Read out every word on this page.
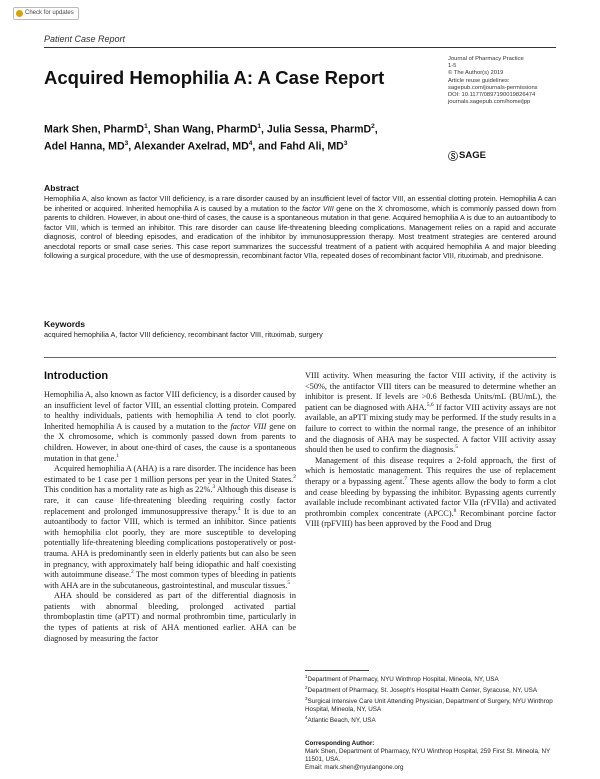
Check for updates
Patient Case Report
Acquired Hemophilia A: A Case Report
Journal of Pharmacy Practice
1-5
© The Author(s) 2019
Article reuse guidelines:
sagepub.com/journals-permissions
DOI: 10.1177/0897190019826474
journals.sagepub.com/home/jpp
Ⓢ SAGE
Mark Shen, PharmD$^1$, Shan Wang, PharmD$^1$, Julia Sessa, PharmD$^2$,
Adel Hanna, $MD^3$, Alexander Axelrad, $MD^4$, and Fahd Ali, $MD^3$
Abstract

Hemophilia A, also known as factor VIII deficiency, is a rare disorder caused by an insufficient level of factor VIII, an essential clotting protein. Hemophilia A can be inherited or acquired. Inherited hemophilia A is caused by a mutation to the factor VIII gene on the X chromosome, which is commonly passed down from parents to children. However, in about one-third of cases, the cause is a spontaneous mutation in that gene. Acquired hemophilia A is due to an autoantibody to factor VIII, which is termed an inhibitor. This rare disorder can cause life-threatening bleeding complications. Management relies on a rapid and accurate diagnosis, control of bleeding episodes, and eradication of the inhibitor by immunosuppression therapy. Most treatment strategies are centered around anecdotal reports or small case series. This case report summarizes the successful treatment of a patient with acquired hemophilia A and major bleeding following a surgical procedure, with the use of desmopressin, recombinant factor VIIa, repeated doses of recombinant factor VIII, rituximab, and prednisone.

Keywords

acquired hemophilia A, factor VIII deficiency, recombinant factor VIII, rituximab, surgery

Introduction

Hemophilia A, also known as factor VIII deficiency, is a disorder caused by an insufficient level of factor VIII, an essential clotting protein. Compared to healthy individuals, patients with hemophilia A tend to clot poorly. Inherited hemophilia A is caused by a mutation to the factor VIII gene on the X chromosome, which is commonly passed down from parents to children. However, in about one-third of cases, the cause is a spontaneous mutation in that gene.$^1$

Acquired hemophilia A (AHA) is a rare disorder. The incidence has been estimated to be 1 case per 1 million persons per year in the United States.$^2$ This condition has a mortality rate as high as 22%.$^3$ Although this disease is rare, it can cause life-threatening bleeding requiring costly factor replacement and prolonged immunosuppressive therapy.$^4$ It is due to an autoantibody to factor VIII, which is termed an inhibitor. Since patients with hemophilia clot poorly, they are more susceptible to developing potentially life-threatening bleeding complications postoperatively or post-trauma. AHA is predominantly seen in elderly patients but can also be seen in pregnancy, with approximately half being idiopathic and half coexisting with autoimmune disease.$^2$ The most common types of bleeding in patients with AHA are in the subcutaneous, gastrointestinal, and muscular tissues.$^5$

AHA should be considered as part of the differential diagnosis in patients with abnormal bleeding, prolonged activated partial thromboplastin time (aPTT) and normal prothrombin time, particularly in the types of patients at risk of AHA mentioned earlier. AHA can be diagnosed by measuring the factor

VIII activity. When measuring the factor VIII activity, if the activity is <50%, the antifactor VIII titers can be measured to determine whether an inhibitor is present. If levels are >0.6 Bethesda Units/mL (BU/mL), the patient can be diagnosed with AHA.$^{5,6}$ If factor VIII activity assays are not available, an aPTT mixing study may be performed. If the study results in a failure to correct to within the normal range, the presence of an inhibitor and the diagnosis of AHA may be suspected. A factor VIII activity assay should then be used to confirm the diagnosis.$^5$

Management of this disease requires a 2-fold approach, the first of which is hemostatic management. This requires the use of replacement therapy or a bypassing agent.$^7$ These agents allow the body to form a clot and cease bleeding by bypassing the inhibitor. Bypassing agents currently available include recombinant activated factor VIIa (rFVIIa) and activated prothrombin complex concentrate (APCC).$^8$ Recombinant porcine factor VIII (rpFVIII) has been approved by the Food and Drug

$^1$Department of Pharmacy, NYU Winthrop Hospital, Mineola, NY, USA
$^2$Department of Pharmacy, St. Joseph's Hospital Health Center, Syracuse, NY, USA
$^3$Surgical Intensive Care Unit Attending Physician, Department of Surgery, NYU Winthrop Hospital, Mineola, NY, USA
$^4$Atlantic Beach, NY, USA
Corresponding Author:
Mark Shen, Department of Pharmacy, NYU Winthrop Hospital, 259 First St. Mineola, NY 11501, USA.
Email: mark.shen@nyulangone.org
